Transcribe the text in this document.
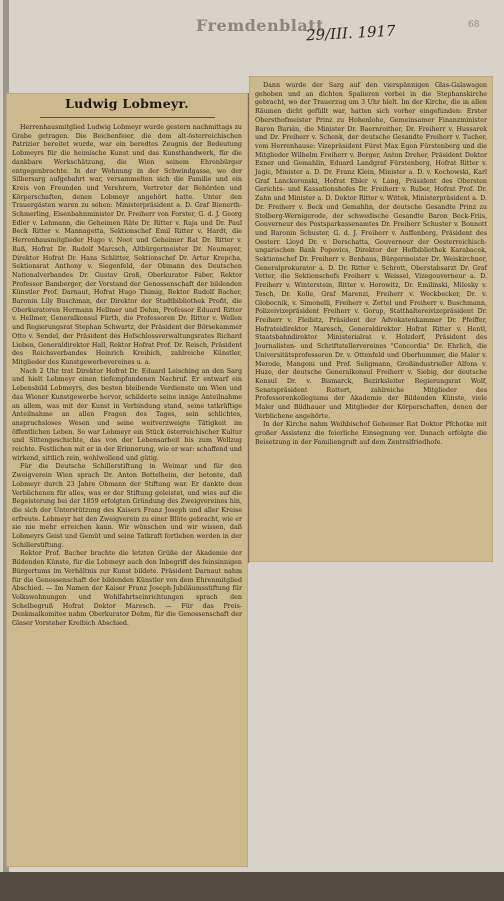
Fremdenblatt
29/III. 1917	68
Ludwig Lobmeyr.

Herrenhausmitglied Ludwig Lobmeyr wurde gestern nachmittags zu Grabe getragen. Die Beichenfeier, die dem alt-österreichischen Patrizier bereitet wurde, war ein beredtes Zeugnis der Bedeutung Lobmeyrs für die heimische Kunst und das Kunsthandwerk, für die dankbare Werkschätzung, die Wien seinem Ehrenbürger entgegenbrachte. In der Wohnung in der Schwindgasse, wo der Silbersarg aufgebahrt war, versammelten sich die Familie und ein Kreis von Freunden und Verehrern, Vertreter der Behörden und Körperschaften, denen Lobmeyr angehört hatte. Unter den Trauergästen waren zu sehen: Ministerpräsident a. D. Graf Bienerth-Schmerling, Eisenbahnminister Dr. Freiherr von Forster, G. d. J. Georg Edler v. Lehmann, die Geheimen Räte Dr. Ritter v. Raja und Dr. Paul Beck Ritter v. Mannagetta, Sektionschef Emil Ritter v. Hardt, die Herrenhausmitglieder Hugo v. Noot und Geheimer Rat Dr. Ritter v. Ruß, Hofrat Dr. Rudolf Marcsch, Altbürgermeister Dr. Neumayer, Direktor Hofrat Dr. Hans Schlitter, Sektionschef Dr. Artur Krepcha, Sektionsrat Anthony v. Siegenfeld, der Obmann des Deutschen Nationalverbandes Dr. Gustav Groß, Oberkurator Faber, Rektor Professor Bamberger, der Vorstand der Genossenschaft der bildenden Künstler Prof. Darnaut, Hofrat Hugo Thimig, Rektor Rudolf Bacher, Baronin Lily Buschman, der Direktor der Stadtbibliothek Profit, die Oberkuratoren Hermann Hellmer und Dehm, Professor Eduard Ritter v. Hellmer, Generalkonsul Fürth, die Professoren Dr. Ritter v. Wellen und Regierungsrat Stephan Schwartz, der Präsident der Börsekammer Otto v. Sendel, der Präsident des Hofschlossverwaltungsrates Richard Lieben, Generaldirektor Hall, Rektor Hofrat Prof. Dr. Reisch, Präsident des Reichsverbandes Heinrich Kreibich, zahlreiche Künstler, Mitglieder des Kunstgewerbevereines u. a.

Nach 2 Uhr trat Direktor Hofrat Dr. Eduard Leisching an den Sarg und hielt Lobmeyr einen tiefempfundenen Nachruf. Er entwarf ein Lebensbild Lobmeyrs, des besten bleibende Verdienste um Wien und das Wiener Kunstgewerbe hervor, schilderte seine innige Anteilnahme an allem, was mit der Kunst in Verbindung stand, seine tatkräftige Anteilnahme an allen Fragen des Tages, sein schlichtes, anspruchsloses Wesen und seine weitverzweigte Tätigkeit im öffentlichen Leben. So war Lobmeyr ein Stück österreichischer Kultur und Sittengeschichte, das von der Lebensarbeit bis zum Wellzug reichte. Festlichen mit er in der Erinnerung, wie er war: schaffend und wirkend, sittlich rein, wohlwollend und gütig.

Für die Deutsche Schillerstiftung in Weimar und für den Zweigverein Wien sprach Dr. Anton Bettelheim, der betonte, daß Lobmeyr durch 23 Jahre Obmann der Stiftung war. Er dankte dem Verblichenen für alles, was er der Stiftung geleistet, und wies auf die Begeisterung bei der 1859 erfolgten Gründung des Zweigvereines hin, die sich der Unterstützung des Kaisers Franz Joseph und aller Kreise erfreute. Lobmeyr hat den Zweigverein zu einer Blüte gebracht, wie er sie nie mehr erreichen kann. Wir wünschen und wir wissen, daß Lobmeyrs Geist und Gemüt und seine Tatkraft fortleben werden in der Schillerstiftung.

Rektor Prof. Bacher brachte die letzten Grüße der Akademie der Bildenden Künste, für die Lobmeyr auch den Inbegriff des feinsinnigen Bürgertums im Verhältnis zur Kunst bildete. Präsident Darnaut nahm für die Genossenschaft der bildenden Künstler von dem Ehrenmitglied Abschied. — Im Namen der Kaiser Franz Joseph-Jubiläumsstiftung für Volkswohnungen und Wohlfahrtseinrichtungen sprach den Schelbegruß Hofrat Doktor Maresch. — Für das Preis-Denkmalkomitee nahm Oberkurator Dehm, für die Genossenschaft der Glaser Vorsteher Kreibich Abschied.

Dann wurde der Sarg auf den vierspännigen Glas-Galawagen gehoben und an dichten Spalieren vorbei in die Stephanskirche gebracht, wo der Trauerzug um 3 Uhr hielt. Im der Kirche, die in allen Räumen dicht gefüllt war, hatten sich vorher eingefunden: Erster Obersthofmeister Prinz zu Hohenlohe, Gemeinsamer Finanzminister Baron Burián, die Minister Dr. Baernreither, Dr. Freiherr v. Hussarek und Dr. Freiherr v. Schenk, der deutsche Gesandte Freiherr v. Tucher, vom Herrenhause: Vizepräsident Fürst Max Egon Fürstenberg und die Mitglieder Wilhelm Freiherr v. Berger, Anton Dreher, Präsident Doktor Exner und Gemahlin, Eduard Landgraf Fürstenberg, Hofrat Ritter v. Jagic, Minister a. D. Dr. Franz Klein, Minister a. D. v. Kochowski, Karl Graf Lanckoronski, Hofrat Ebler v. Lang, Präsident des Obersten Gerichts- und Kassationshofes Dr. Freiherr v. Ruber, Hofrat Prof. Dr. Zahn und Minister a. D. Doktor Ritter v. Wittek, Ministerpräsident a. D. Dr. Freiherr v. Beck und Gemahlin, der deutsche Gesandte Prinz zu Stolberg-Wernigerode, der schwedische Gesandte Baron Beck-Friis, Gouverneur des Postsparkassenamtes Dr. Freiherr Schuster v. Bonnott und Baronin Schuster, G. d. J. Freiherr v. Auffenberg, Präsident des Oesterr. Lloyd Dr. v. Derschatta, Gouverneur der Oesterreichisch-ungarischen Bank Popovics, Direktor der Hofbibliothek Karabacek, Sektionschef Dr. Freiherr v. Benhaus, Bürgermeister Dr. Weiskirchner, Generalprokurator a. D. Dr. Ritter v. Schrott, Oberstabsarzt Dr. Graf Vetter, die Sektionschefs Freiherr v. Weissel, Vizegouverneur a. D. Freiherr v. Winterstein, Ritter v. Horowitz, Dr. Emilinski, Milosky v. Tesch, Dr. Kolle, Graf Marenzi, Freiherr v. Weckbecker, Dr. v. Globocnik, v. Simonelli, Freiherr v. Zettel und Freiherr v. Buschmann, Polizeivizepräsident Freiherr v. Gorup, Statthaltereivizepräsident Dr. Freiherr v. Fleibitz, Präsident der Advokatenkammer Dr. Pfeiffer, Hofrateidirektor Maresch, Generaldirektor Hofrat Ritter v. Hentl, Staatsbahndirektor Ministerialrat v. Holzdorf, Präsident des Journalisten- und Schriftstellervereines "Concordia" Dr. Ehrlich, die Universitätsprofessoren Dr. v. Ottenfeld und Oberhummer, die Maler v. Merode, Mangoni und Prof. Seligmann, Großindustrieller Alfons v. Huze, der deutsche Generalkonsul Freiherr v. Siebig, der deutsche Konsul Dr. v. Bismarck, Bezirksleiter Regierungsrat Wolf, Senatspräsident Rattert, zahlreiche Mitglieder des Professorenkollegiums der Akademie der Bildenden Künste, viele Maler und Bildhauer und Mitglieder der Körperschaften, denen der Verblichene angehörte.

In der Kirche nahm Weihbischof Geheimer Rat Doktor Pfchotke mit großer Assistenz die feierliche Einsegnung vor. Danach erfolgte die Beisetzung in der Familiengruft auf dem Zentralfriedhofe.
